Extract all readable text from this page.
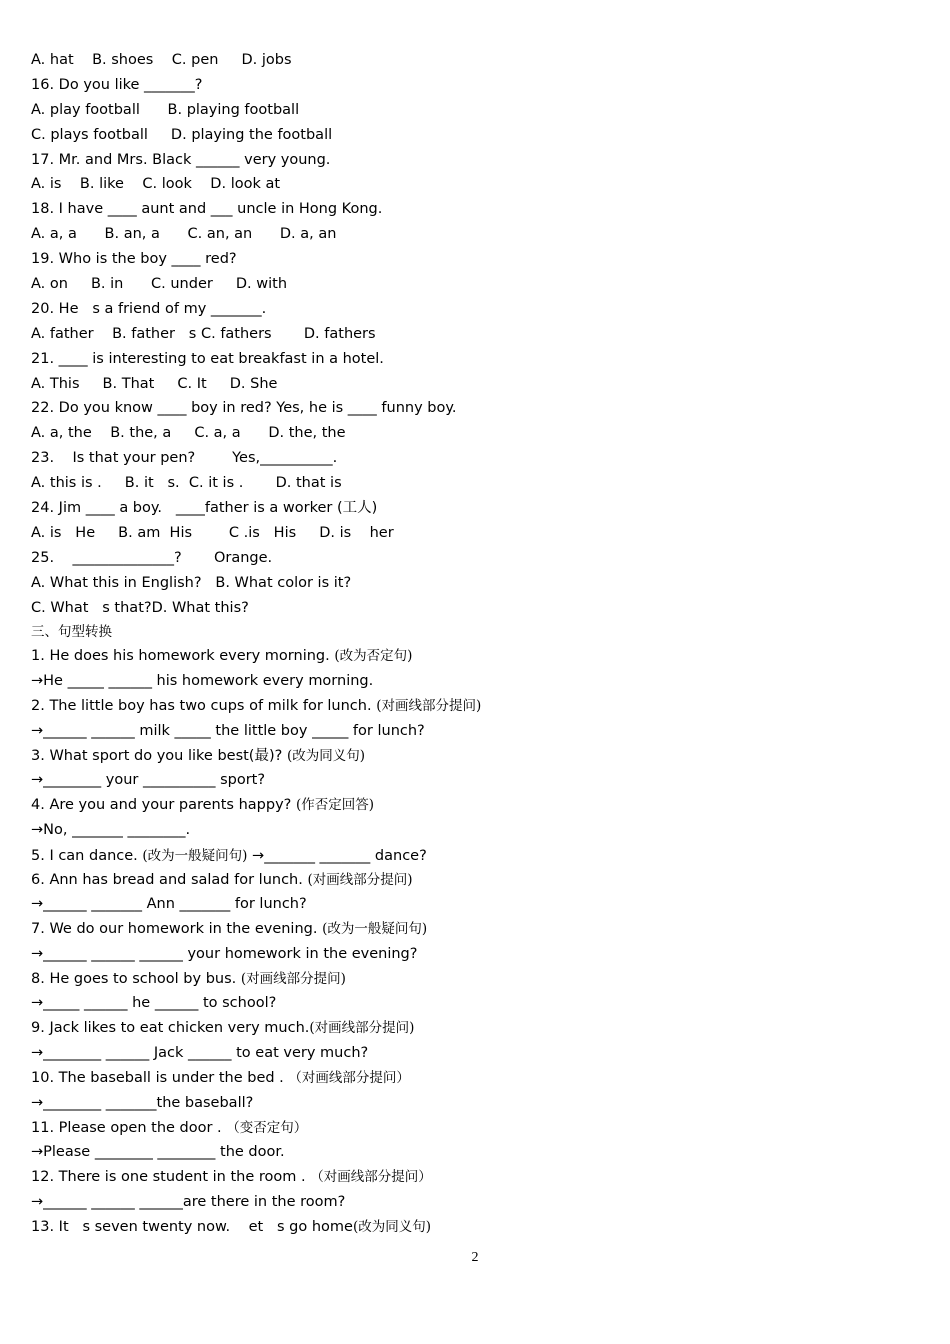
A. hat    B. shoes    C. pen     D. jobs
16. Do you like _______?
A. play football      B. playing football
C. plays football     D. playing the football
17. Mr. and Mrs. Black ______ very young.
A. is    B. like    C. look    D. look at
18. I have ____ aunt and ___ uncle in Hong Kong.
A. a, a      B. an, a      C. an, an      D. a, an
19. Who is the boy ____ red?
A. on     B. in      C. under     D. with
20. He   s a friend of my _______.
A. father    B. father   s C. fathers       D. fathers
21. ____ is interesting to eat breakfast in a hotel.
A. This     B. That     C. It     D. She
22. Do you know ____ boy in red? Yes, he is ____ funny boy.
A. a, the    B. the, a     C. a, a      D. the, the
23.    Is that your pen?        Yes,__________.
A. this is .     B. it   s.  C. it is .       D. that is
24. Jim ____ a boy.   ____father is a worker (工人)
A. is   He     B. am  His        C .is   His     D. is    her
25.    ______________?       Orange.
A. What this in English?   B. What color is it?
C. What   s that?D. What this?
三、句型转换
1. He does his homework every morning. (改为否定句)
→He _____ ______ his homework every morning.
2. The little boy has two cups of milk for lunch. (对画线部分提问)
→______ ______ milk _____ the little boy _____ for lunch?
3. What sport do you like best(最)? (改为同义句)
→________ your __________ sport?
4. Are you and your parents happy? (作否定回答)
→No, _______ ________.
5. I can dance. (改为一般疑问句) →_______ _______ dance?
6. Ann has bread and salad for lunch. (对画线部分提问)
→______ _______ Ann _______ for lunch?
7. We do our homework in the evening. (改为一般疑问句)
→______ ______ ______ your homework in the evening?
8. He goes to school by bus. (对画线部分提问)
→_____ ______ he ______ to school?
9. Jack likes to eat chicken very much.(对画线部分提问)
→________ ______ Jack ______ to eat very much?
10. The baseball is under the bed . （对画线部分提问）
→________ _______the baseball?
11. Please open the door . （变否定句）
→Please ________ ________ the door.
12. There is one student in the room . （对画线部分提问）
→______ ______ ______are there in the room?
13. It   s seven twenty now.    et   s go home(改为同义句)
2
